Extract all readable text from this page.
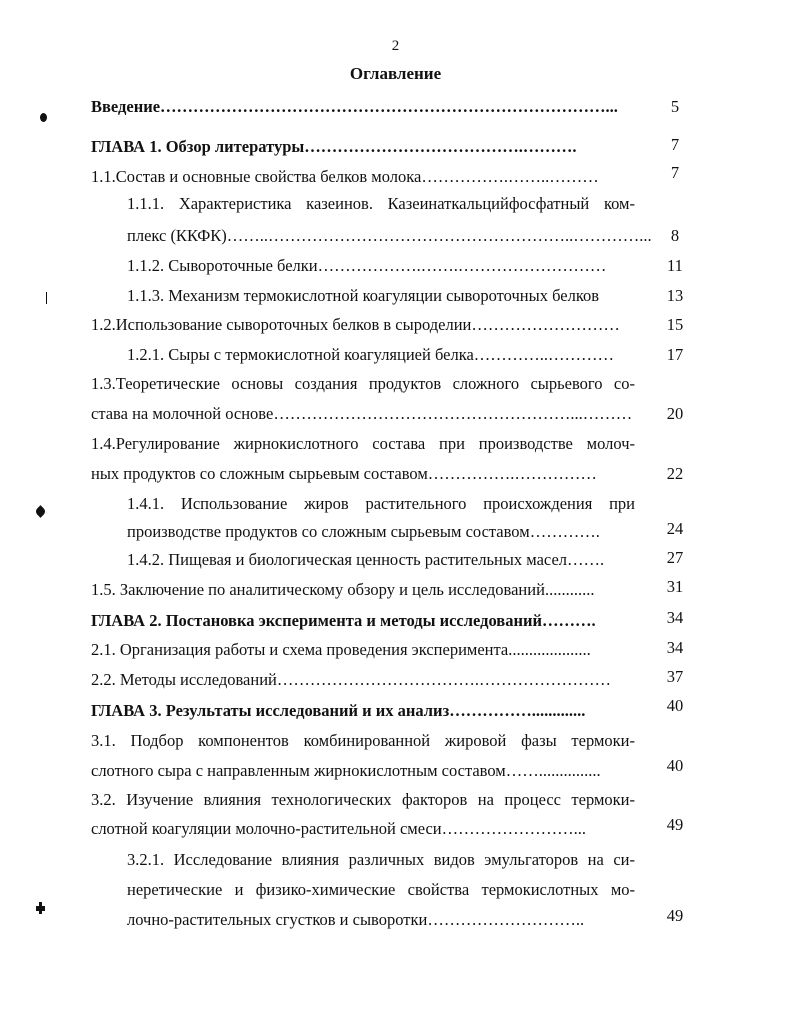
2
Оглавление
Введение………………………………………………………………………...	5
ГЛАВА 1. Обзор литературы………………………………….……….	7
1.1.Состав и основные свойства белков молока…………….……..………	7
1.1.1. Характеристика казеинов. Казеинаткальцийфосфатный ком-
плекс (ККФК)……..………………………………………………..…………...	8
1.1.2. Сывороточные белки……………….…….………………………	11
1.1.3. Механизм термокислотной коагуляции сывороточных белков	13
1.2.Использование сывороточных белков в сыроделии………………………	15
1.2.1. Сыры с термокислотной коагуляцией белка…………..…………	17
1.3.Теоретические основы создания продуктов сложного сырьевого со-
става на молочной основе………………………………………………...………	20
1.4.Регулирование жирнокислотного состава при производстве молоч-
ных продуктов со сложным сырьевым составом…………….……………	22
1.4.1. Использование жиров растительного происхождения при
производстве продуктов со сложным сырьевым составом………….	24
1.4.2. Пищевая и биологическая ценность растительных масел…….	27
1.5. Заключение по аналитическому обзору и цель исследований............	31
ГЛАВА 2. Постановка эксперимента и методы исследований……….	34
2.1. Организация работы и схема проведения эксперимента....................	34
2.2. Методы исследований……………………………….……………………	37
ГЛАВА 3. Результаты исследований и их анализ…………….............	40
3.1. Подбор компонентов комбинированной жировой фазы термоки-
слотного сыра с направленным жирнокислотным составом……...............	40
3.2. Изучение влияния технологических факторов на процесс термоки-
слотной коагуляции молочно-растительной смеси……………………...	49
3.2.1. Исследование влияния различных видов эмульгаторов на си-
неретические и физико-химические свойства термокислотных мо-
лочно-растительных сгустков и сыворотки………………………..	49
